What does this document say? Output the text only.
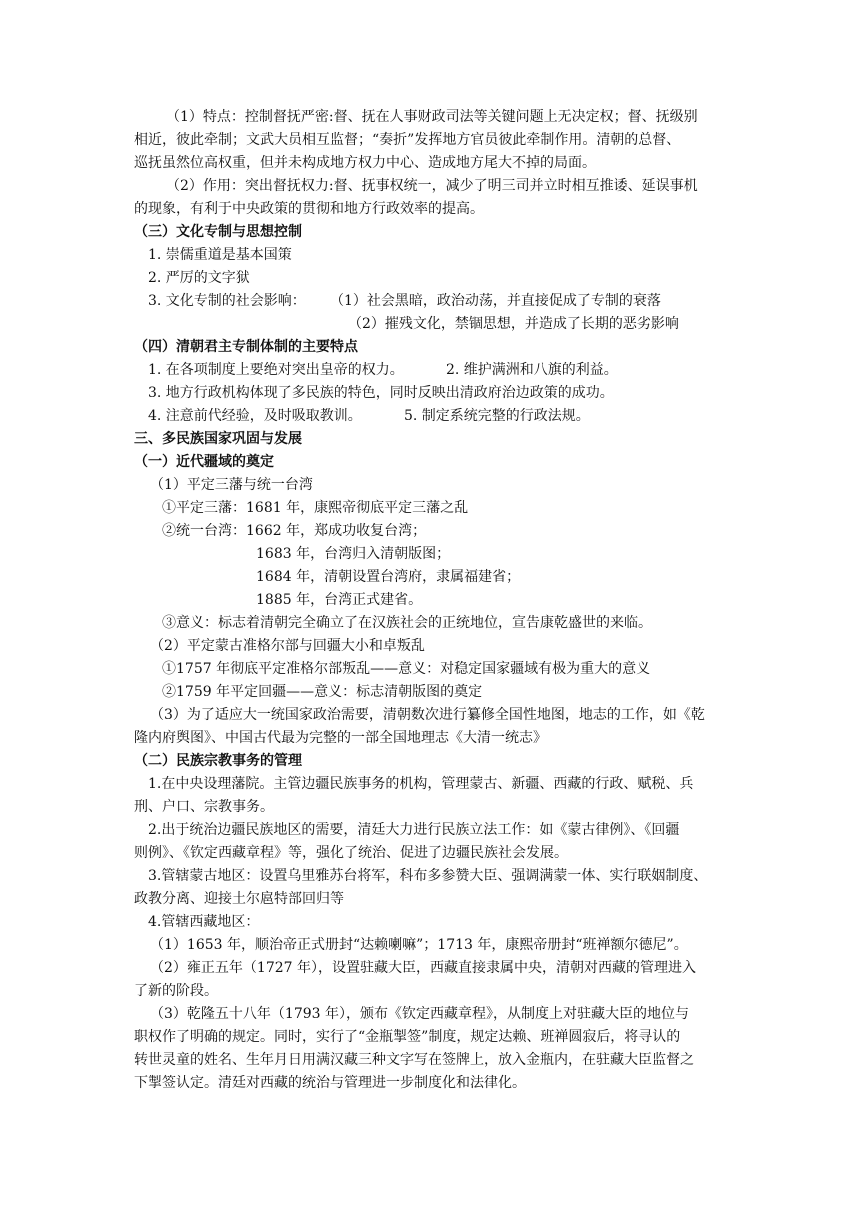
（1）特点：控制督抚严密:督、抚在人事财政司法等关键问题上无决定权；督、抚级别
相近，彼此牵制；文武大员相互监督；“奏折”发挥地方官员彼此牵制作用。清朝的总督、
巡抚虽然位高权重，但并未构成地方权力中心、造成地方尾大不掉的局面。
（2）作用：突出督抚权力:督、抚事权统一，减少了明三司并立时相互推诿、延误事机
的现象，有利于中央政策的贯彻和地方行政效率的提高。
（三）文化专制与思想控制
1. 崇儒重道是基本国策
2. 严厉的文字狱
3. 文化专制的社会影响： （1）社会黑暗，政治动荡，并直接促成了专制的衰落
（2）摧残文化，禁锢思想，并造成了长期的恶劣影响
（四）清朝君主专制体制的主要特点
1. 在各项制度上要绝对突出皇帝的权力。	2. 维护满洲和八旗的利益。
3. 地方行政机构体现了多民族的特色，同时反映出清政府治边政策的成功。
4. 注意前代经验，及时吸取教训。	5. 制定系统完整的行政法规。
三、多民族国家巩固与发展
（一）近代疆域的奠定
（1）平定三藩与统一台湾
①平定三藩：1681 年，康熙帝彻底平定三藩之乱
②统一台湾：1662 年，郑成功收复台湾；
1683 年，台湾归入清朝版图；
1684 年，清朝设置台湾府，隶属福建省；
1885 年，台湾正式建省。
③意义：标志着清朝完全确立了在汉族社会的正统地位，宣告康乾盛世的来临。
（2）平定蒙古准格尔部与回疆大小和卓叛乱
①1757 年彻底平定准格尔部叛乱——意义：对稳定国家疆域有极为重大的意义
②1759 年平定回疆——意义：标志清朝版图的奠定
（3）为了适应大一统国家政治需要，清朝数次进行纂修全国性地图，地志的工作，如《乾
隆内府舆图》、中国古代最为完整的一部全国地理志《大清一统志》
（二）民族宗教事务的管理
1.在中央设理藩院。主管边疆民族事务的机构，管理蒙古、新疆、西藏的行政、赋税、兵
刑、户口、宗教事务。
2.出于统治边疆民族地区的需要，清廷大力进行民族立法工作：如《蒙古律例》、《回疆
则例》、《钦定西藏章程》等，强化了统治、促进了边疆民族社会发展。
3.管辖蒙古地区：设置乌里雅苏台将军，科布多参赞大臣、强调满蒙一体、实行联姻制度、
政教分离、迎接土尔扈特部回归等
4.管辖西藏地区：
（1）1653 年，顺治帝正式册封“达赖喇嘛”；1713 年，康熙帝册封“班禅额尔德尼”。
（2）雍正五年（1727 年），设置驻藏大臣，西藏直接隶属中央，清朝对西藏的管理进入
了新的阶段。
（3）乾隆五十八年（1793 年），颁布《钦定西藏章程》，从制度上对驻藏大臣的地位与
职权作了明确的规定。同时，实行了“金瓶掣签”制度，规定达赖、班禅圆寂后，将寻认的
转世灵童的姓名、生年月日用满汉藏三种文字写在签牌上，放入金瓶内，在驻藏大臣监督之
下掣签认定。清廷对西藏的统治与管理进一步制度化和法律化。
